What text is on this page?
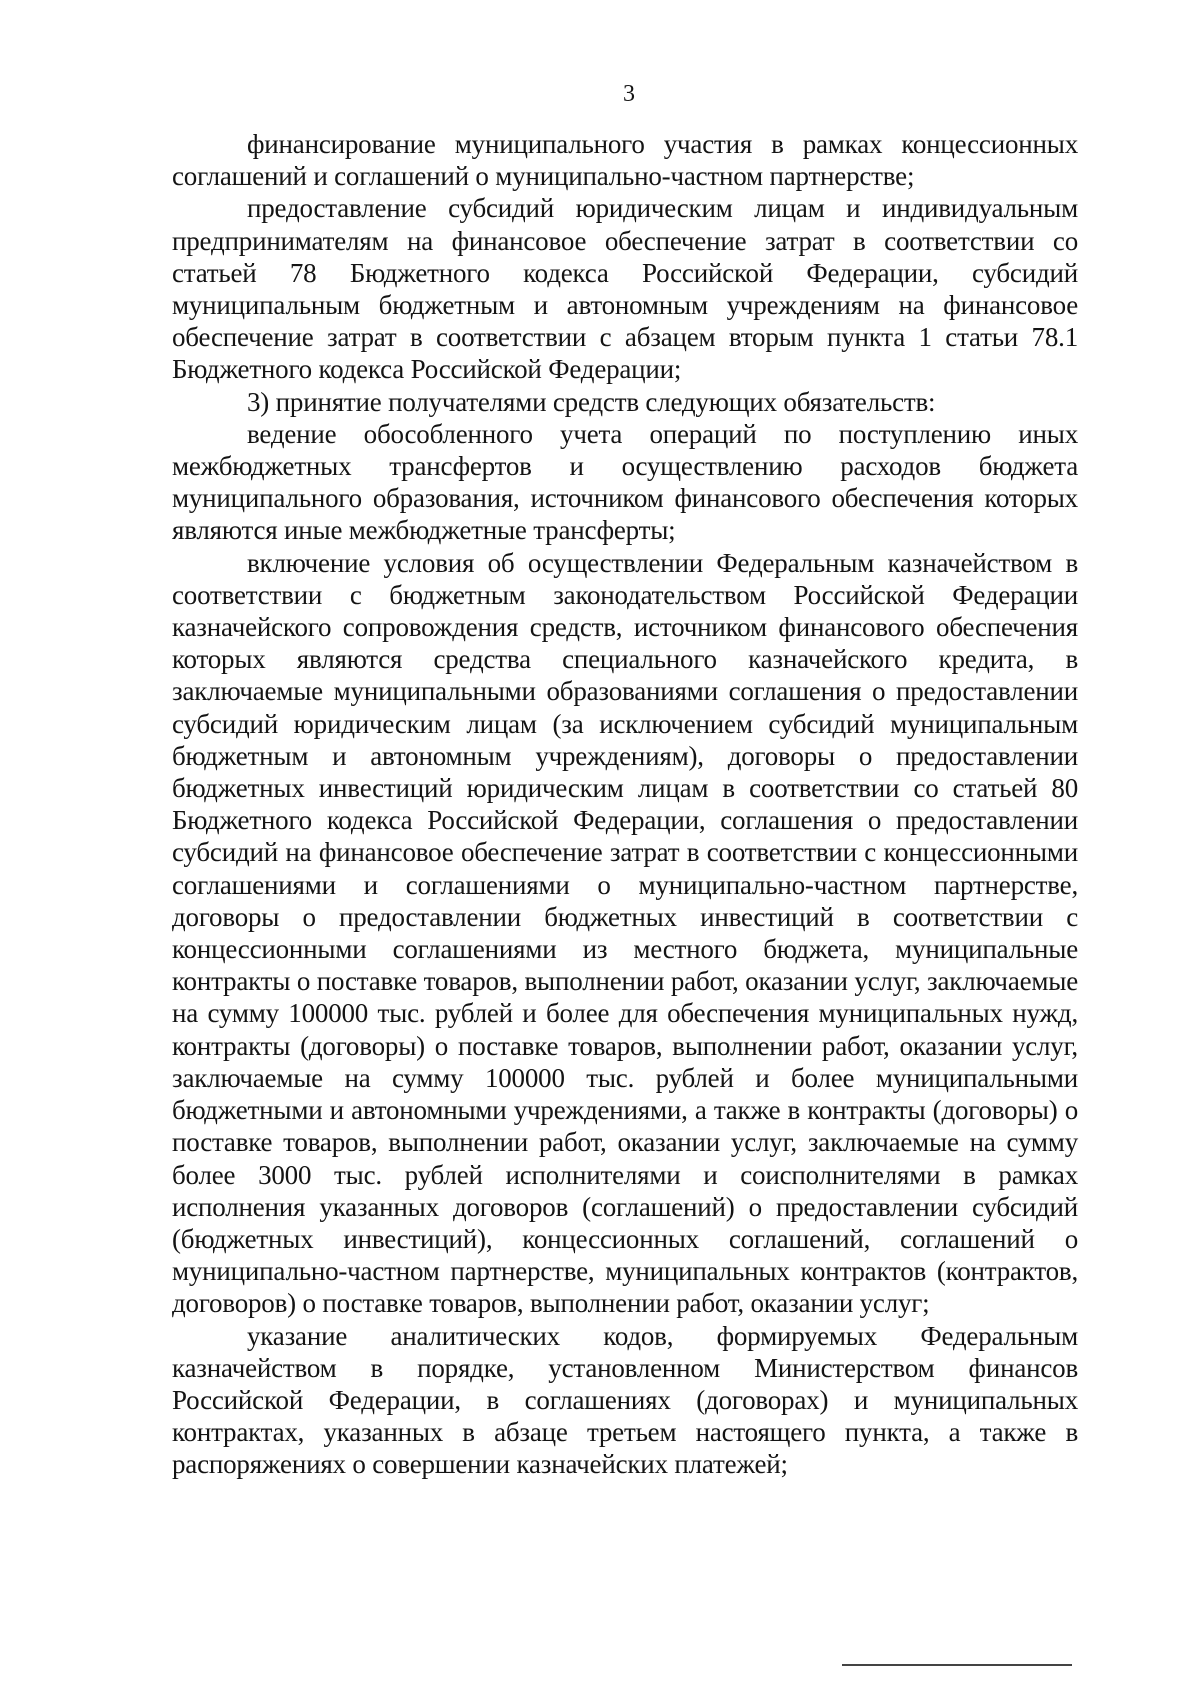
3

финансирование муниципального участия в рамках концессионных соглашений и соглашений о муниципально-частном партнерстве;

предоставление субсидий юридическим лицам и индивидуальным предпринимателям на финансовое обеспечение затрат в соответствии со статьей 78 Бюджетного кодекса Российской Федерации, субсидий муниципальным бюджетным и автономным учреждениям на финансовое обеспечение затрат в соответствии с абзацем вторым пункта 1 статьи 78.1 Бюджетного кодекса Российской Федерации;

3) принятие получателями средств следующих обязательств:

ведение обособленного учета операций по поступлению иных межбюджетных трансфертов и осуществлению расходов бюджета муниципального образования, источником финансового обеспечения которых являются иные межбюджетные трансферты;

включение условия об осуществлении Федеральным казначейством в соответствии с бюджетным законодательством Российской Федерации казначейского сопровождения средств, источником финансового обеспечения которых являются средства специального казначейского кредита, в заключаемые муниципальными образованиями соглашения о предоставлении субсидий юридическим лицам (за исключением субсидий муниципальным бюджетным и автономным учреждениям), договоры о предоставлении бюджетных инвестиций юридическим лицам в соответствии со статьей 80 Бюджетного кодекса Российской Федерации, соглашения о предоставлении субсидий на финансовое обеспечение затрат в соответствии с концессионными соглашениями и соглашениями о муниципально-частном партнерстве, договоры о предоставлении бюджетных инвестиций в соответствии с концессионными соглашениями из местного бюджета, муниципальные контракты о поставке товаров, выполнении работ, оказании услуг, заключаемые на сумму 100000 тыс. рублей и более для обеспечения муниципальных нужд, контракты (договоры) о поставке товаров, выполнении работ, оказании услуг, заключаемые на сумму 100000 тыс. рублей и более муниципальными бюджетными и автономными учреждениями, а также в контракты (договоры) о поставке товаров, выполнении работ, оказании услуг, заключаемые на сумму более 3000 тыс. рублей исполнителями и соисполнителями в рамках исполнения указанных договоров (соглашений) о предоставлении субсидий (бюджетных инвестиций), концессионных соглашений, соглашений о муниципально-частном партнерстве, муниципальных контрактов (контрактов, договоров) о поставке товаров, выполнении работ, оказании услуг;

указание аналитических кодов, формируемых Федеральным казначейством в порядке, установленном Министерством финансов Российской Федерации, в соглашениях (договорах) и муниципальных контрактах, указанных в абзаце третьем настоящего пункта, а также в распоряжениях о совершении казначейских платежей;
